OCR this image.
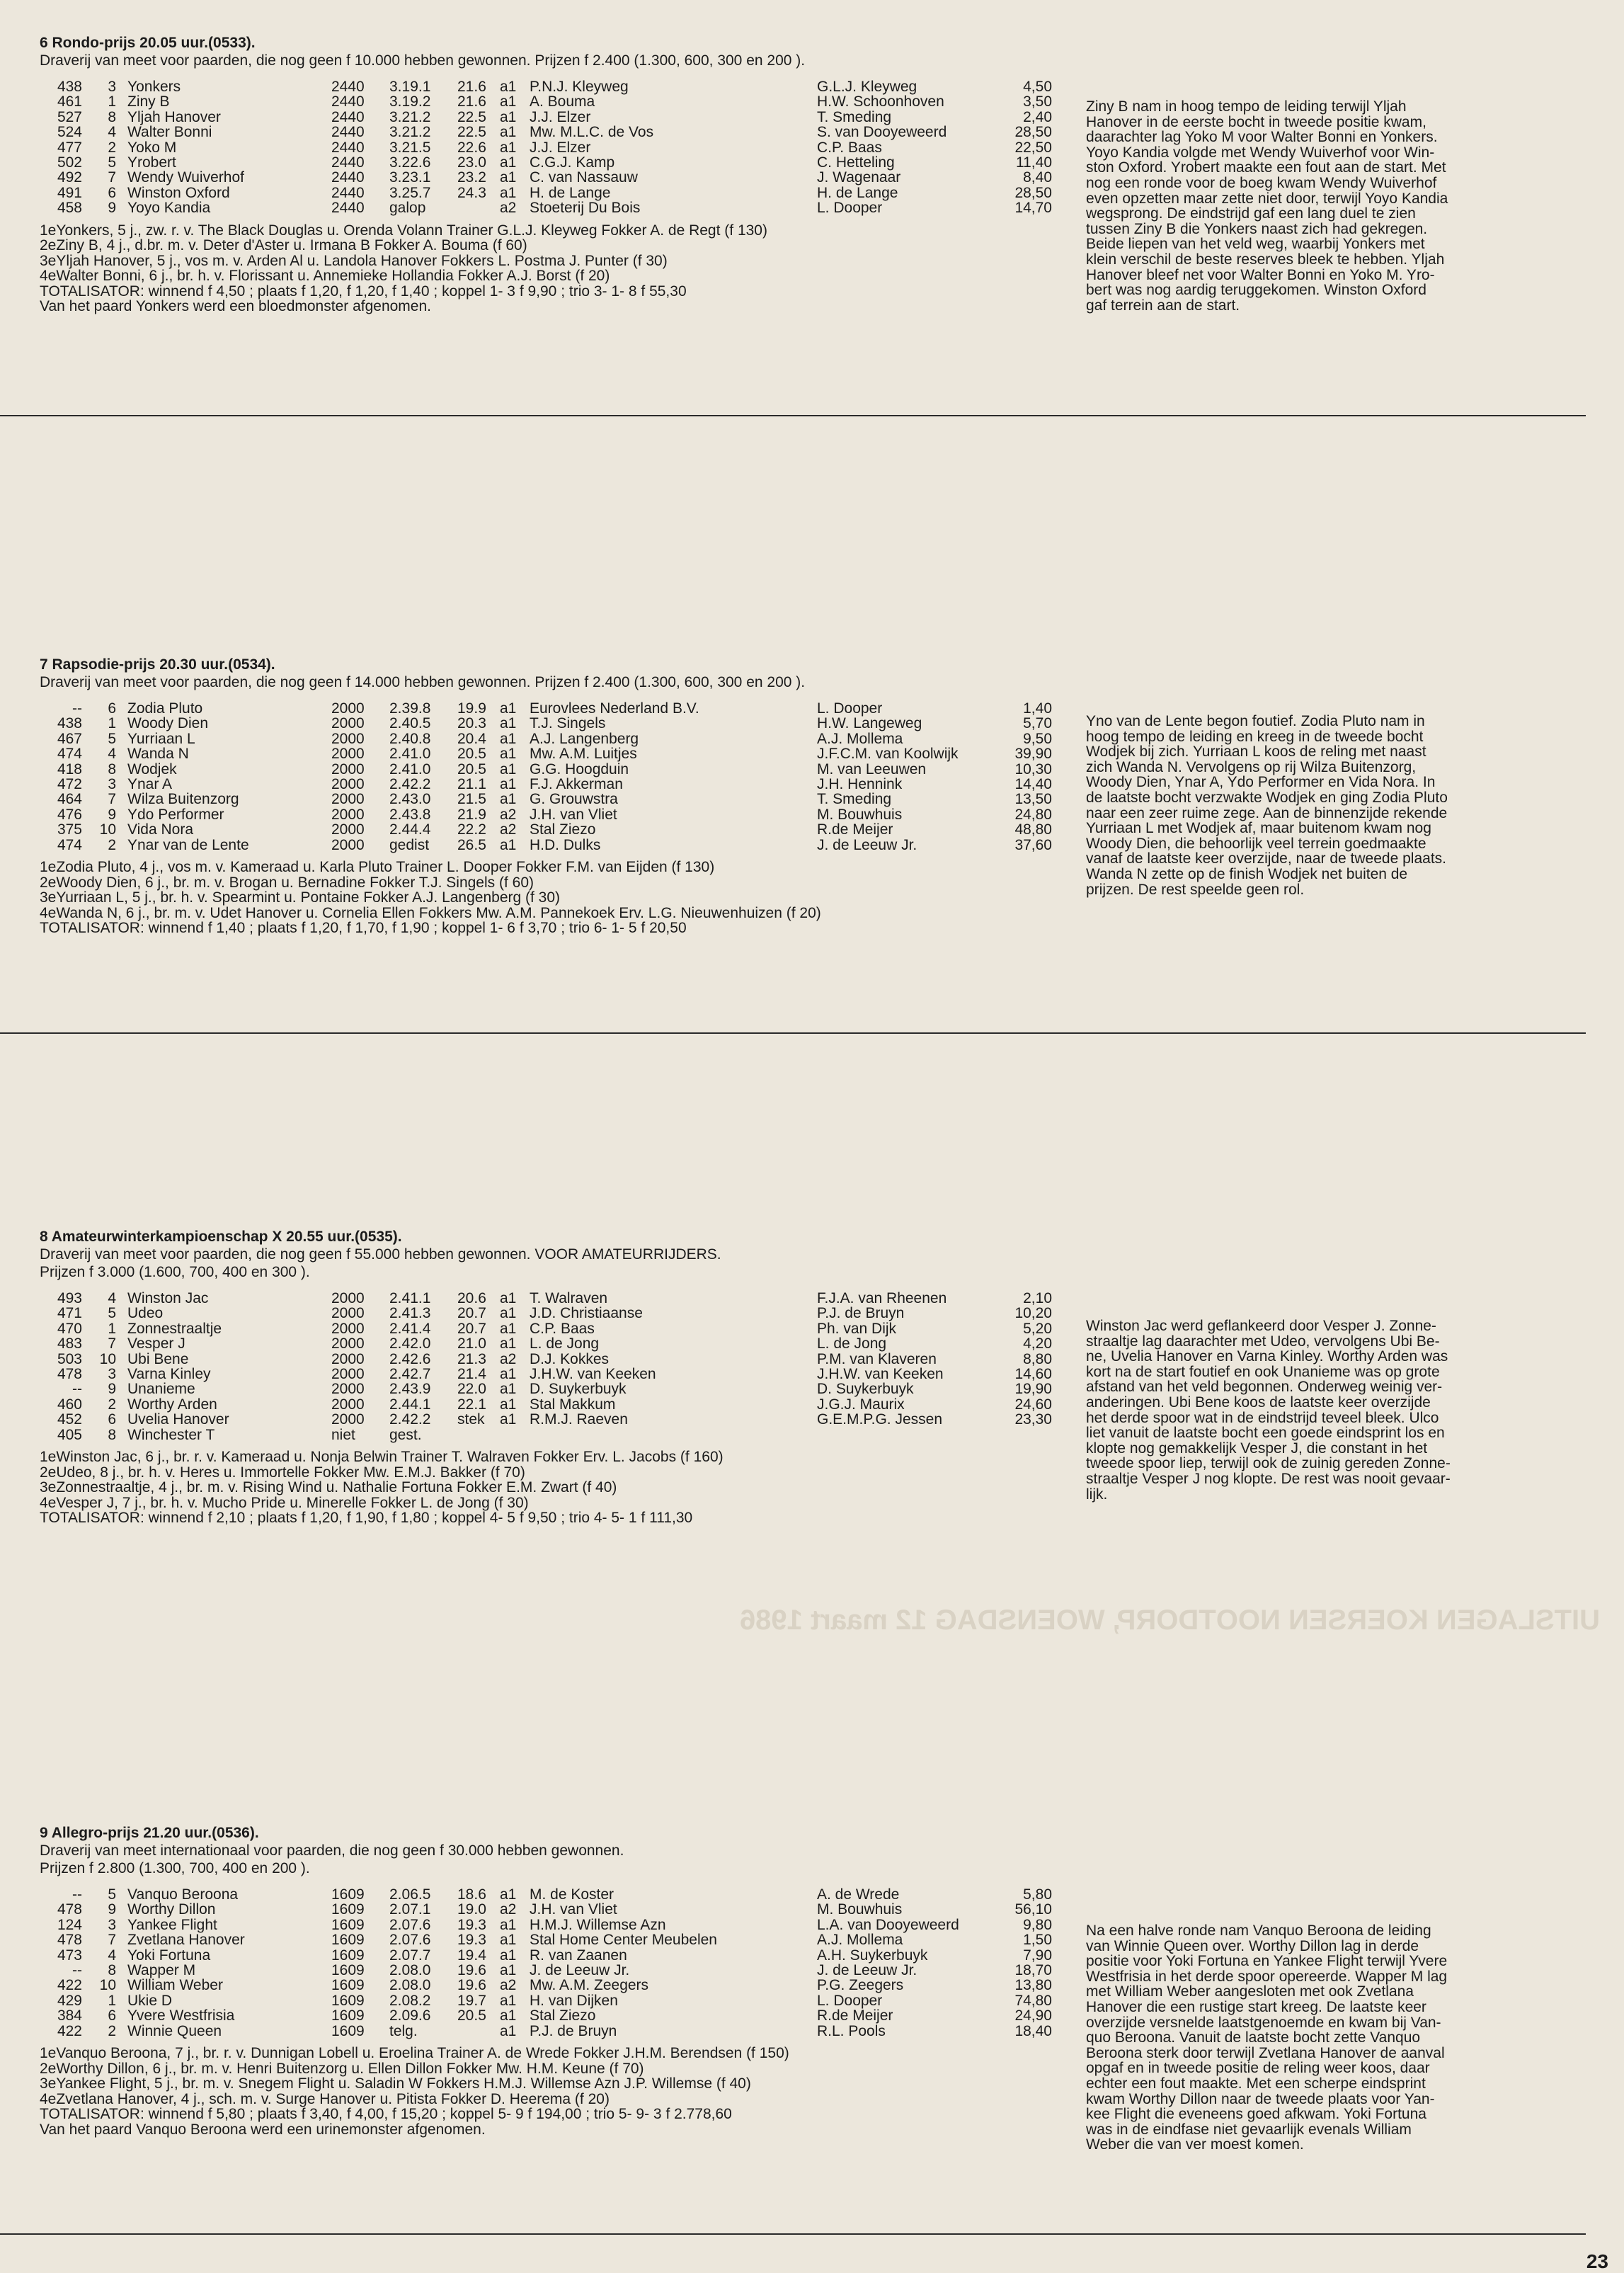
6 Rondo-prijs 20.05 uur.(0533).
Draverij van meet voor paarden, die nog geen f 10.000 hebben gewonnen. Prijzen f 2.400 (1.300, 600, 300 en 200 ).
438	3 Yonkers	2440 3.19.1 21.6 a1 P.N.J. Kleyweg	G.L.J. Kleyweg	4,50
461	1 Ziny B	2440 3.19.2 21.6 a1 A. Bouma	H.W. Schoonhoven	3,50
527	8 Yljah Hanover	2440 3.21.2 22.5 a1 J.J. Elzer	T. Smeding	2,40
524	4 Walter Bonni	2440 3.21.2 22.5 a1 Mw. M.L.C. de Vos	S. van Dooyeweerd	28,50
477	2 Yoko M	2440 3.21.5 22.6 a1 J.J. Elzer	C.P. Baas	22,50
502	5 Yrobert	2440 3.22.6 23.0 a1 C.G.J. Kamp	C. Hetteling	11,40
492	7 Wendy Wuiverhof	2440 3.23.1 23.2 a1 C. van Nassauw	J. Wagenaar	8,40
491	6 Winston Oxford	2440 3.25.7 24.3 a1 H. de Lange	H. de Lange	28,50
458	9 Yoyo Kandia	2440 galop	a2 Stoeterij Du Bois	L. Dooper	14,70
1eYonkers, 5 j., zw. r. v. The Black Douglas u. Orenda Volann Trainer G.L.J. Kleyweg Fokker A. de Regt (f 130)
2eZiny B, 4 j., d.br. m. v. Deter d'Aster u. Irmana B Fokker A. Bouma (f 60)
3eYljah Hanover, 5 j., vos m. v. Arden Al u. Landola Hanover Fokkers L. Postma J. Punter (f 30)
4eWalter Bonni, 6 j., br. h. v. Florissant u. Annemieke Hollandia Fokker A.J. Borst (f 20)
TOTALISATOR: winnend f 4,50 ; plaats f 1,20, f 1,20, f 1,40 ; koppel 1- 3 f 9,90 ; trio 3- 1- 8 f 55,30
Van het paard Yonkers werd een bloedmonster afgenomen.
Ziny B nam in hoog tempo de leiding terwijl Yljah
Hanover in de eerste bocht in tweede positie kwam,
daarachter lag Yoko M voor Walter Bonni en Yonkers.
Yoyo Kandia volgde met Wendy Wuiverhof voor Win-
ston Oxford. Yrobert maakte een fout aan de start. Met
nog een ronde voor de boeg kwam Wendy Wuiverhof
even opzetten maar zette niet door, terwijl Yoyo Kandia
wegsprong. De eindstrijd gaf een lang duel te zien
tussen Ziny B die Yonkers naast zich had gekregen.
Beide liepen van het veld weg, waarbij Yonkers met
klein verschil de beste reserves bleek te hebben. Yljah
Hanover bleef net voor Walter Bonni en Yoko M. Yro-
bert was nog aardig teruggekomen. Winston Oxford
gaf terrein aan de start.
7 Rapsodie-prijs 20.30 uur.(0534).
Draverij van meet voor paarden, die nog geen f 14.000 hebben gewonnen. Prijzen f 2.400 (1.300, 600, 300 en 200 ).
--	6 Zodia Pluto	2000 2.39.8 19.9 a1 Eurovlees Nederland B.V.	L. Dooper	1,40
438	1 Woody Dien	2000 2.40.5 20.3 a1 T.J. Singels	H.W. Langeweg	5,70
467	5 Yurriaan L	2000 2.40.8 20.4 a1 A.J. Langenberg	A.J. Mollema	9,50
474	4 Wanda N	2000 2.41.0 20.5 a1 Mw. A.M. Luitjes	J.F.C.M. van Koolwijk	39,90
418	8 Wodjek	2000 2.41.0 20.5 a1 G.G. Hoogduin	M. van Leeuwen	10,30
472	3 Ynar A	2000 2.42.2 21.1 a1 F.J. Akkerman	J.H. Hennink	14,40
464	7 Wilza Buitenzorg	2000 2.43.0 21.5 a1 G. Grouwstra	T. Smeding	13,50
476	9 Ydo Performer	2000 2.43.8 21.9 a2 J.H. van Vliet	M. Bouwhuis	24,80
375	10 Vida Nora	2000 2.44.4 22.2 a2 Stal Ziezo	R.de Meijer	48,80
474	2 Ynar van de Lente	2000 gedist 26.5 a1 H.D. Dulks	J. de Leeuw Jr.	37,60
1eZodia Pluto, 4 j., vos m. v. Kameraad u. Karla Pluto Trainer L. Dooper Fokker F.M. van Eijden (f 130)
2eWoody Dien, 6 j., br. m. v. Brogan u. Bernadine Fokker T.J. Singels (f 60)
3eYurriaan L, 5 j., br. h. v. Spearmint u. Pontaine Fokker A.J. Langenberg (f 30)
4eWanda N, 6 j., br. m. v. Udet Hanover u. Cornelia Ellen Fokkers Mw. A.M. Pannekoek Erv. L.G. Nieuwenhuizen (f 20)
TOTALISATOR: winnend f 1,40 ; plaats f 1,20, f 1,70, f 1,90 ; koppel 1- 6 f 3,70 ; trio 6- 1- 5 f 20,50
Yno van de Lente begon foutief. Zodia Pluto nam in
hoog tempo de leiding en kreeg in de tweede bocht
Wodjek bij zich. Yurriaan L koos de reling met naast
zich Wanda N. Vervolgens op rij Wilza Buitenzorg,
Woody Dien, Ynar A, Ydo Performer en Vida Nora. In
de laatste bocht verzwakte Wodjek en ging Zodia Pluto
naar een zeer ruime zege. Aan de binnenzijde rekende
Yurriaan L met Wodjek af, maar buitenom kwam nog
Woody Dien, die behoorlijk veel terrein goedmaakte
vanaf de laatste keer overzijde, naar de tweede plaats.
Wanda N zette op de finish Wodjek net buiten de
prijzen. De rest speelde geen rol.
8 Amateurwinterkampioenschap X 20.55 uur.(0535).
Draverij van meet voor paarden, die nog geen f 55.000 hebben gewonnen. VOOR AMATEURRIJDERS.
Prijzen f 3.000 (1.600, 700, 400 en 300 ).
493	4 Winston Jac	2000 2.41.1 20.6 a1 T. Walraven	F.J.A. van Rheenen	2,10
471	5 Udeo	2000 2.41.3 20.7 a1 J.D. Christiaanse	P.J. de Bruyn	10,20
470	1 Zonnestraaltje	2000 2.41.4 20.7 a1 C.P. Baas	Ph. van Dijk	5,20
483	7 Vesper J	2000 2.42.0 21.0 a1 L. de Jong	L. de Jong	4,20
503	10 Ubi Bene	2000 2.42.6 21.3 a2 D.J. Kokkes	P.M. van Klaveren	8,80
478	3 Varna Kinley	2000 2.42.7 21.4 a1 J.H.W. van Keeken	J.H.W. van Keeken	14,60
--	9 Unanieme	2000 2.43.9 22.0 a1 D. Suykerbuyk	D. Suykerbuyk	19,90
460	2 Worthy Arden	2000 2.44.1 22.1 a1 Stal Makkum	J.G.J. Maurix	24,60
452	6 Uvelia Hanover	2000 2.42.2 stek a1 R.M.J. Raeven	G.E.M.P.G. Jessen	23,30
405	8 Winchester T	niet gest.
1eWinston Jac, 6 j., br. r. v. Kameraad u. Nonja Belwin Trainer T. Walraven Fokker Erv. L. Jacobs (f 160)
2eUdeo, 8 j., br. h. v. Heres u. Immortelle Fokker Mw. E.M.J. Bakker (f 70)
3eZonnestraaltje, 4 j., br. m. v. Rising Wind u. Nathalie Fortuna Fokker E.M. Zwart (f 40)
4eVesper J, 7 j., br. h. v. Mucho Pride u. Minerelle Fokker L. de Jong (f 30)
TOTALISATOR: winnend f 2,10 ; plaats f 1,20, f 1,90, f 1,80 ; koppel 4- 5 f 9,50 ; trio 4- 5- 1 f 111,30
Winston Jac werd geflankeerd door Vesper J. Zonne-
straaltje lag daarachter met Udeo, vervolgens Ubi Be-
ne, Uvelia Hanover en Varna Kinley. Worthy Arden was
kort na de start foutief en ook Unanieme was op grote
afstand van het veld begonnen. Onderweg weinig ver-
anderingen. Ubi Bene koos de laatste keer overzijde
het derde spoor wat in de eindstrijd teveel bleek. Ulco
liet vanuit de laatste bocht een goede eindsprint los en
klopte nog gemakkelijk Vesper J, die constant in het
tweede spoor liep, terwijl ook de zuinig gereden Zonne-
straaltje Vesper J nog klopte. De rest was nooit gevaar-
lijk.
9 Allegro-prijs 21.20 uur.(0536).
Draverij van meet internationaal voor paarden, die nog geen f 30.000 hebben gewonnen.
Prijzen f 2.800 (1.300, 700, 400 en 200 ).
--	5 Vanquo Beroona	1609 2.06.5 18.6 a1 M. de Koster	A. de Wrede	5,80
478	9 Worthy Dillon	1609 2.07.1 19.0 a2 J.H. van Vliet	M. Bouwhuis	56,10
124	3 Yankee Flight	1609 2.07.6 19.3 a1 H.M.J. Willemse Azn	L.A. van Dooyeweerd	9,80
478	7 Zvetlana Hanover	1609 2.07.6 19.3 a1 Stal Home Center Meubelen	A.J. Mollema	1,50
473	4 Yoki Fortuna	1609 2.07.7 19.4 a1 R. van Zaanen	A.H. Suykerbuyk	7,90
--	8 Wapper M	1609 2.08.0 19.6 a1 J. de Leeuw Jr.	J. de Leeuw Jr.	18,70
422	10 William Weber	1609 2.08.0 19.6 a2 Mw. A.M. Zeegers	P.G. Zeegers	13,80
429	1 Ukie D	1609 2.08.2 19.7 a1 H. van Dijken	L. Dooper	74,80
384	6 Yvere Westfrisia	1609 2.09.6 20.5 a1 Stal Ziezo	R.de Meijer	24,90
422	2 Winnie Queen	1609 telg.	a1 P.J. de Bruyn	R.L. Pools	18,40
1eVanquo Beroona, 7 j., br. r. v. Dunnigan Lobell u. Eroelina Trainer A. de Wrede Fokker J.H.M. Berendsen (f 150)
2eWorthy Dillon, 6 j., br. m. v. Henri Buitenzorg u. Ellen Dillon Fokker Mw. H.M. Keune (f 70)
3eYankee Flight, 5 j., br. m. v. Snegem Flight u. Saladin W Fokkers H.M.J. Willemse Azn J.P. Willemse (f 40)
4eZvetlana Hanover, 4 j., sch. m. v. Surge Hanover u. Pitista Fokker D. Heerema (f 20)
TOTALISATOR: winnend f 5,80 ; plaats f 3,40, f 4,00, f 15,20 ; koppel 5- 9 f 194,00 ; trio 5- 9- 3 f 2.778,60
Van het paard Vanquo Beroona werd een urinemonster afgenomen.
Na een halve ronde nam Vanquo Beroona de leiding
van Winnie Queen over. Worthy Dillon lag in derde
positie voor Yoki Fortuna en Yankee Flight terwijl Yvere
Westfrisia in het derde spoor opereerde. Wapper M lag
met William Weber aangesloten met ook Zvetlana
Hanover die een rustige start kreeg. De laatste keer
overzijde versnelde laatstgenoemde en kwam bij Van-
quo Beroona. Vanuit de laatste bocht zette Vanquo
Beroona sterk door terwijl Zvetlana Hanover de aanval
opgaf en in tweede positie de reling weer koos, daar
echter een fout maakte. Met een scherpe eindsprint
kwam Worthy Dillon naar de tweede plaats voor Yan-
kee Flight die eveneens goed afkwam. Yoki Fortuna
was in de eindfase niet gevaarlijk evenals William
Weber die van ver moest komen.
UITSLAGEN KOERSEN NOOTDORP, WOENSDAG 12 maart 1986
23
